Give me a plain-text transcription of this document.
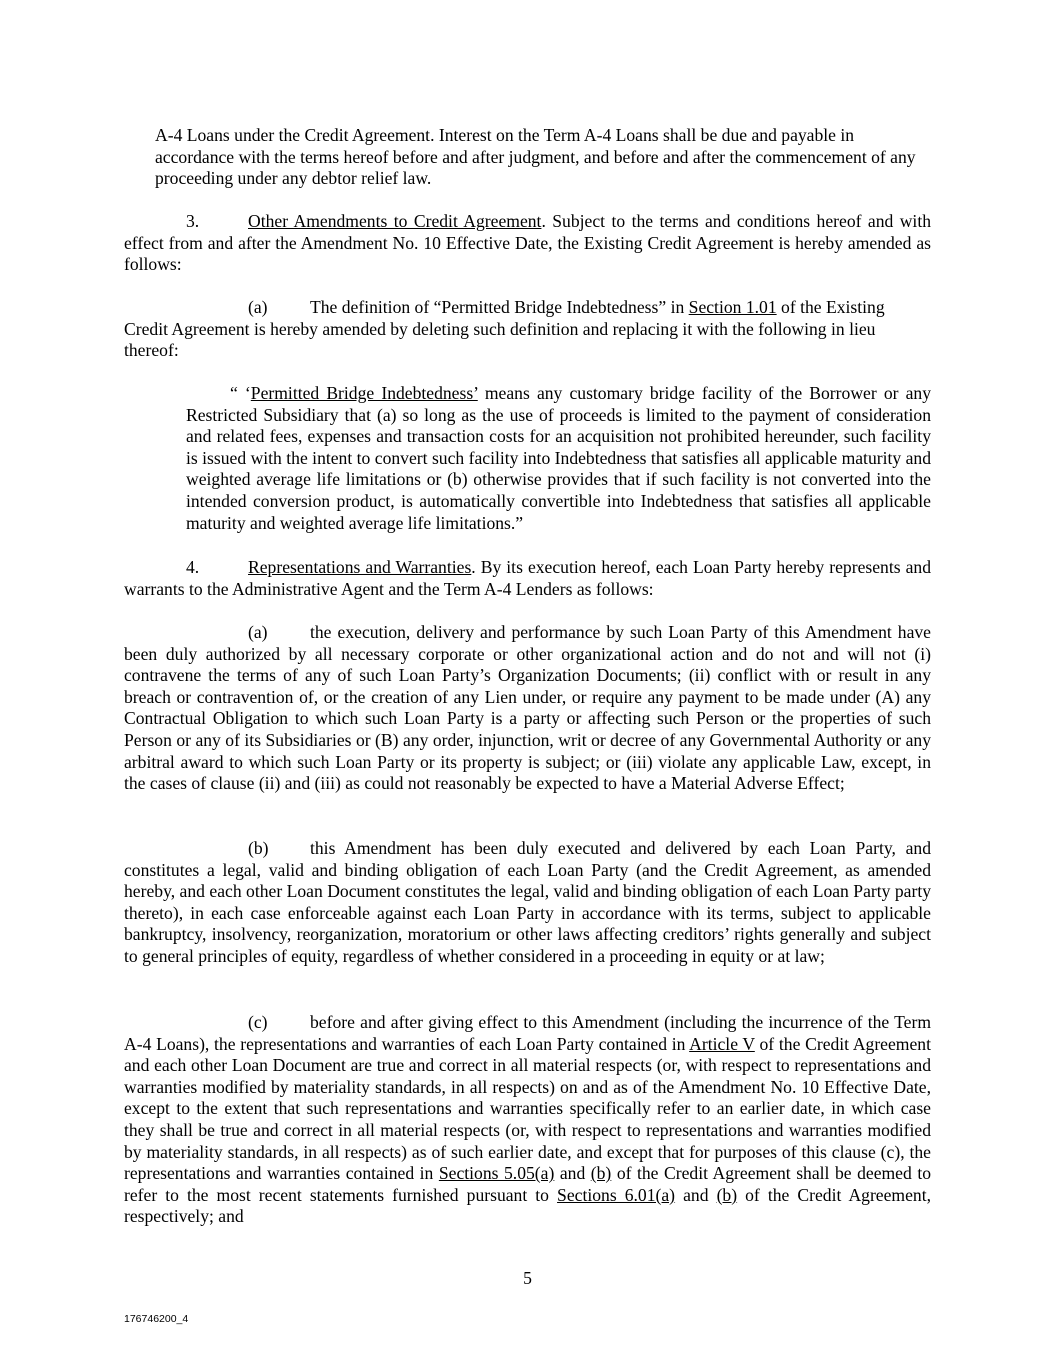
A-4 Loans under the Credit Agreement. Interest on the Term A-4 Loans shall be due and payable in accordance with the terms hereof before and after judgment, and before and after the commencement of any proceeding under any debtor relief law.

3.	Other Amendments to Credit Agreement. Subject to the terms and conditions hereof and with effect from and after the Amendment No. 10 Effective Date, the Existing Credit Agreement is hereby amended as follows:

(a) The definition of “Permitted Bridge Indebtedness” in Section 1.01 of the Existing Credit Agreement is hereby amended by deleting such definition and replacing it with the following in lieu thereof:

“ ‘Permitted Bridge Indebtedness’ means any customary bridge facility of the Borrower or any Restricted Subsidiary that (a) so long as the use of proceeds is limited to the payment of consideration and related fees, expenses and transaction costs for an acquisition not prohibited hereunder, such facility is issued with the intent to convert such facility into Indebtedness that satisfies all applicable maturity and weighted average life limitations or (b) otherwise provides that if such facility is not converted into the intended conversion product, is automatically convertible into Indebtedness that satisfies all applicable maturity and weighted average life limitations.”

4.	Representations and Warranties. By its execution hereof, each Loan Party hereby represents and warrants to the Administrative Agent and the Term A-4 Lenders as follows:

(a) the execution, delivery and performance by such Loan Party of this Amendment have been duly authorized by all necessary corporate or other organizational action and do not and will not (i) contravene the terms of any of such Loan Party’s Organization Documents; (ii) conflict with or result in any breach or contravention of, or the creation of any Lien under, or require any payment to be made under (A) any Contractual Obligation to which such Loan Party is a party or affecting such Person or the properties of such Person or any of its Subsidiaries or (B) any order, injunction, writ or decree of any Governmental Authority or any arbitral award to which such Loan Party or its property is subject; or (iii) violate any applicable Law, except, in the cases of clause (ii) and (iii) as could not reasonably be expected to have a Material Adverse Effect;

(b) this Amendment has been duly executed and delivered by each Loan Party, and constitutes a legal, valid and binding obligation of each Loan Party (and the Credit Agreement, as amended hereby, and each other Loan Document constitutes the legal, valid and binding obligation of each Loan Party party thereto), in each case enforceable against each Loan Party in accordance with its terms, subject to applicable bankruptcy, insolvency, reorganization, moratorium or other laws affecting creditors’ rights generally and subject to general principles of equity, regardless of whether considered in a proceeding in equity or at law;

(c) before and after giving effect to this Amendment (including the incurrence of the Term A-4 Loans), the representations and warranties of each Loan Party contained in Article V of the Credit Agreement and each other Loan Document are true and correct in all material respects (or, with respect to representations and warranties modified by materiality standards, in all respects) on and as of the Amendment No. 10 Effective Date, except to the extent that such representations and warranties specifically refer to an earlier date, in which case they shall be true and correct in all material respects (or, with respect to representations and warranties modified by materiality standards, in all respects) as of such earlier date, and except that for purposes of this clause (c), the representations and warranties contained in Sections 5.05(a) and (b) of the Credit Agreement shall be deemed to refer to the most recent statements furnished pursuant to Sections 6.01(a) and (b) of the Credit Agreement, respectively; and

5
176746200_4
